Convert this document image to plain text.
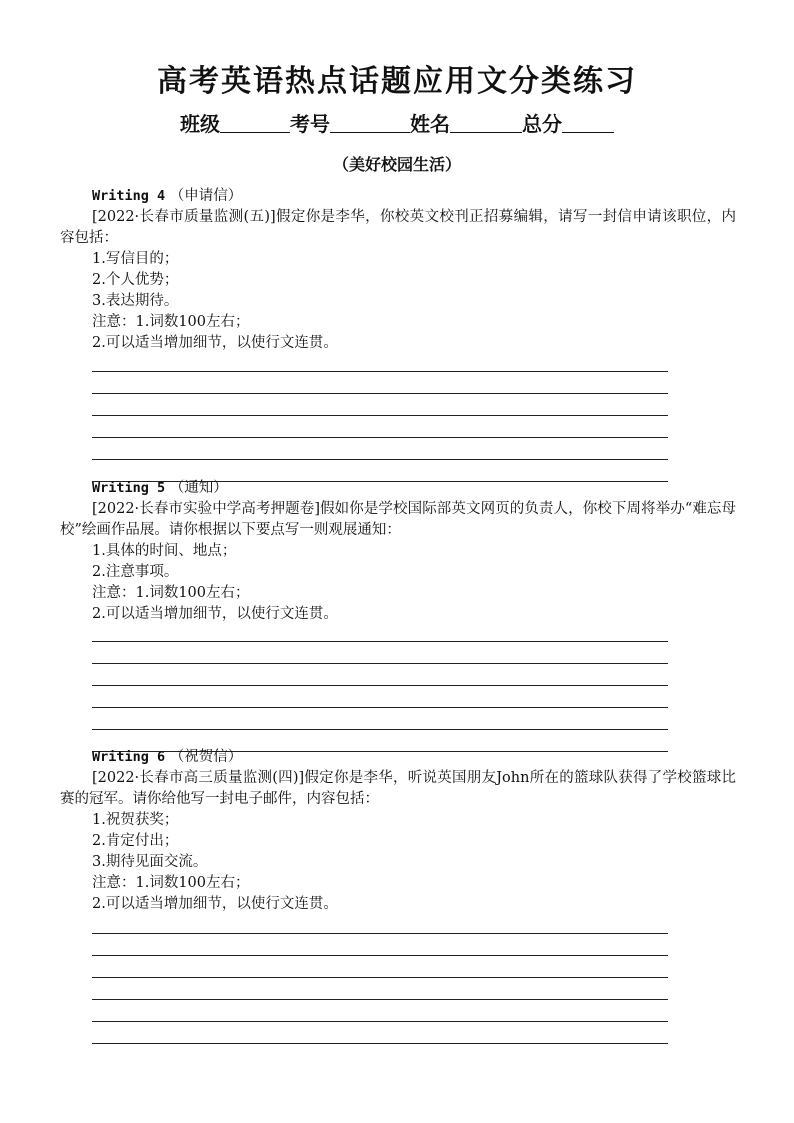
高考英语热点话题应用文分类练习
班级	考号	姓名	总分
（美好校园生活）

Writing 4 （申请信）

[2022·长春市质量监测(五)]假定你是李华，你校英文校刊正招募编辑，请写一封信申请该职位，内容包括：

1.写信目的；

2.个人优势；

3.表达期待。

注意：1.词数100左右；

2.可以适当增加细节，以使行文连贯。

Writing 5 （通知）

[2022·长春市实验中学高考押题卷]假如你是学校国际部英文网页的负责人，你校下周将举办“难忘母校”绘画作品展。请你根据以下要点写一则观展通知：

1.具体的时间、地点；

2.注意事项。

注意：1.词数100左右；

2.可以适当增加细节，以使行文连贯。

Writing 6 （祝贺信）

[2022·长春市高三质量监测(四)]假定你是李华，听说英国朋友John所在的篮球队获得了学校篮球比赛的冠军。请你给他写一封电子邮件，内容包括：

1.祝贺获奖；

2.肯定付出；

3.期待见面交流。

注意：1.词数100左右；

2.可以适当增加细节，以使行文连贯。
